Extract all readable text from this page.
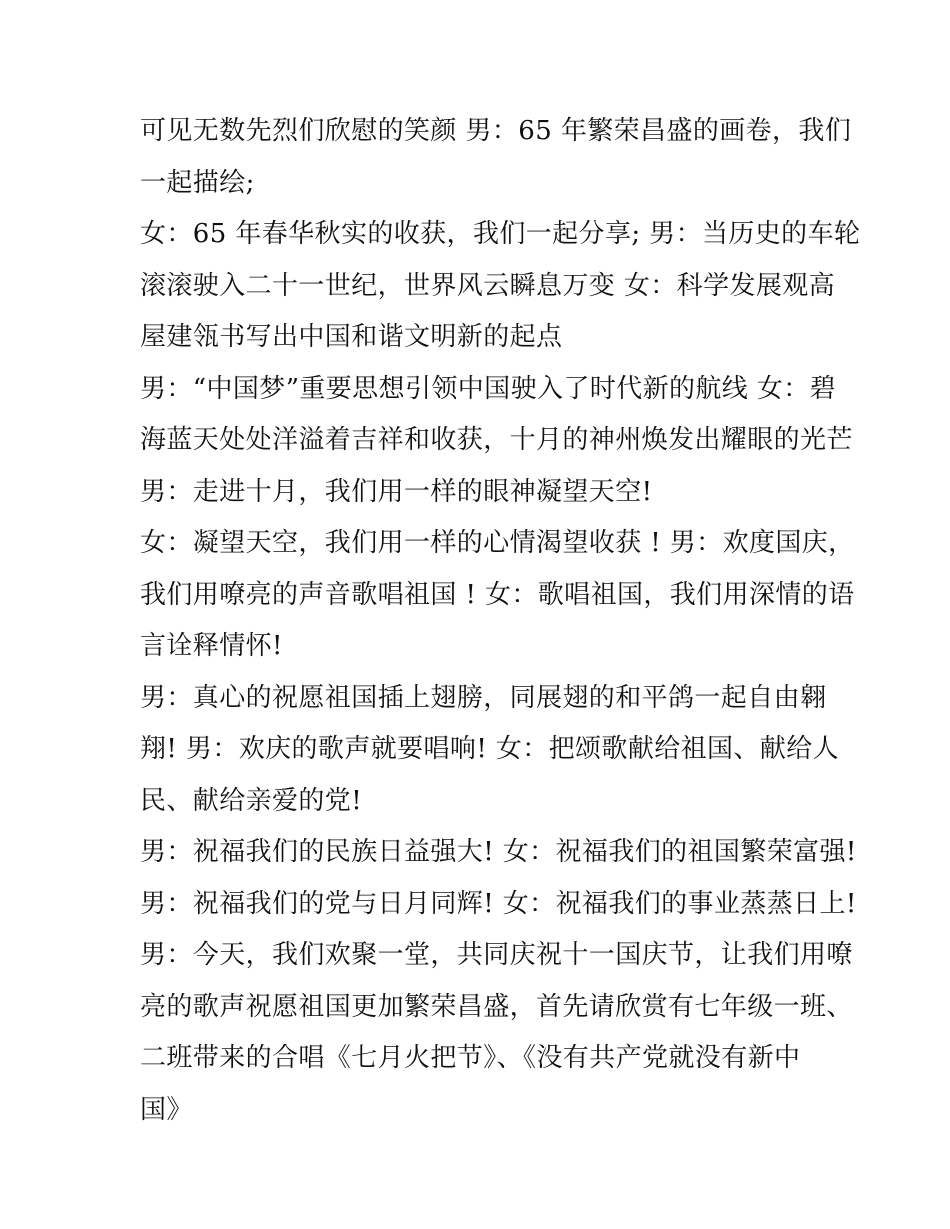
可见无数先烈们欣慰的笑颜 男：65 年繁荣昌盛的画卷，我们
一起描绘;
女：65 年春华秋实的收获，我们一起分享; 男：当历史的车轮
滚滚驶入二十一世纪，世界风云瞬息万变 女：科学发展观高
屋建瓴书写出中国和谐文明新的起点
男：“中国梦”重要思想引领中国驶入了时代新的航线 女：碧
海蓝天处处洋溢着吉祥和收获，十月的神州焕发出耀眼的光芒
男：走进十月，我们用一样的眼神凝望天空!
女：凝望天空，我们用一样的心情渴望收获 ! 男：欢度国庆，
我们用嘹亮的声音歌唱祖国 ! 女：歌唱祖国，我们用深情的语
言诠释情怀!
男：真心的祝愿祖国插上翅膀，同展翅的和平鸽一起自由翱
翔! 男：欢庆的歌声就要唱响! 女：把颂歌献给祖国、献给人
民、献给亲爱的党!
男：祝福我们的民族日益强大! 女：祝福我们的祖国繁荣富强!
男：祝福我们的党与日月同辉! 女：祝福我们的事业蒸蒸日上!
男：今天，我们欢聚一堂，共同庆祝十一国庆节，让我们用嘹
亮的歌声祝愿祖国更加繁荣昌盛，首先请欣赏有七年级一班、
二班带来的合唱《七月火把节》、《没有共产党就没有新中
国》
